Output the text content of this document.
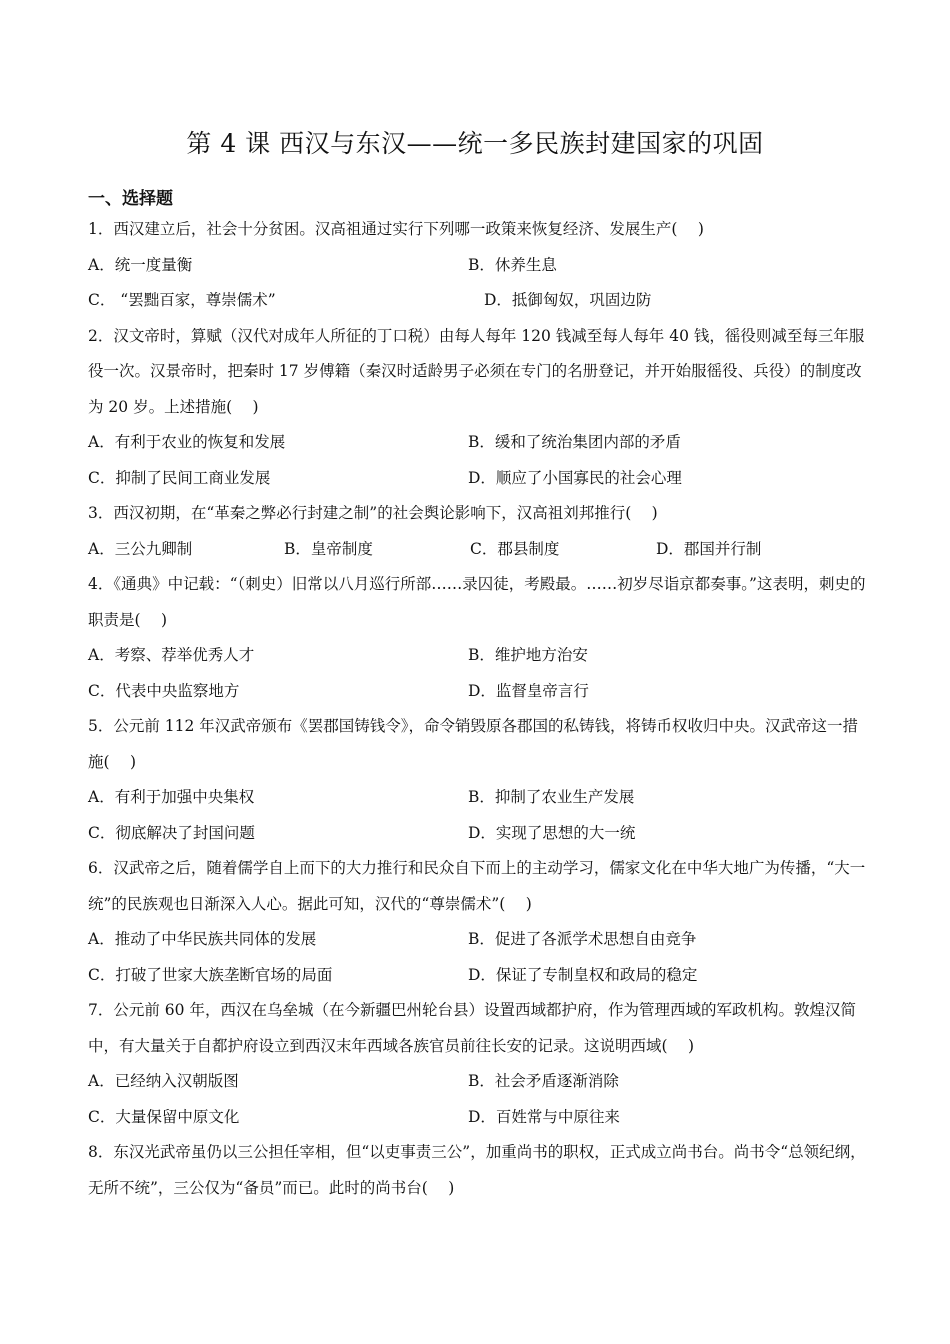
第 4 课 西汉与东汉——统一多民族封建国家的巩固
一、选择题

1．西汉建立后，社会十分贫困。汉高祖通过实行下列哪一政策来恢复经济、发展生产(　 )

A．统一度量衡	B．休养生息
C． “罢黜百家，尊崇儒术”	D．抵御匈奴，巩固边防

2．汉文帝时，算赋（汉代对成年人所征的丁口税）由每人每年 120 钱减至每人每年 40 钱，徭役则减至每三年服役一次。汉景帝时，把秦时 17 岁傅籍（秦汉时适龄男子必须在专门的名册登记，并开始服徭役、兵役）的制度改为 20 岁。上述措施(　 )

A．有利于农业的恢复和发展	B．缓和了统治集团内部的矛盾
C．抑制了民间工商业发展	D．顺应了小国寡民的社会心理

3．西汉初期，在“革秦之弊必行封建之制”的社会舆论影响下，汉高祖刘邦推行(　 )

A．三公九卿制	B．皇帝制度	C．郡县制度	D．郡国并行制

4．《通典》中记载：“（刺史）旧常以八月巡行所部……录囚徒，考殿最。……初岁尽诣京都奏事。”这表明，刺史的职责是(　 )

A．考察、荐举优秀人才	B．维护地方治安
C．代表中央监察地方	D．监督皇帝言行

5．公元前 112 年汉武帝颁布《罢郡国铸钱令》，命令销毁原各郡国的私铸钱，将铸币权收归中央。汉武帝这一措施(　 )

A．有利于加强中央集权	B．抑制了农业生产发展
C．彻底解决了封国问题	D．实现了思想的大一统

6．汉武帝之后，随着儒学自上而下的大力推行和民众自下而上的主动学习，儒家文化在中华大地广为传播，“大一统”的民族观也日渐深入人心。据此可知，汉代的“尊崇儒术”(　 )

A．推动了中华民族共同体的发展	B．促进了各派学术思想自由竞争
C．打破了世家大族垄断官场的局面	D．保证了专制皇权和政局的稳定

7．公元前 60 年，西汉在乌垒城（在今新疆巴州轮台县）设置西域都护府，作为管理西域的军政机构。敦煌汉简中，有大量关于自都护府设立到西汉末年西域各族官员前往长安的记录。这说明西域(　 )

A．已经纳入汉朝版图	B．社会矛盾逐渐消除
C．大量保留中原文化	D．百姓常与中原往来

8．东汉光武帝虽仍以三公担任宰相，但“以吏事责三公”，加重尚书的职权，正式成立尚书台。尚书令“总领纪纲，无所不统”，三公仅为“备员”而已。此时的尚书台(　 )
